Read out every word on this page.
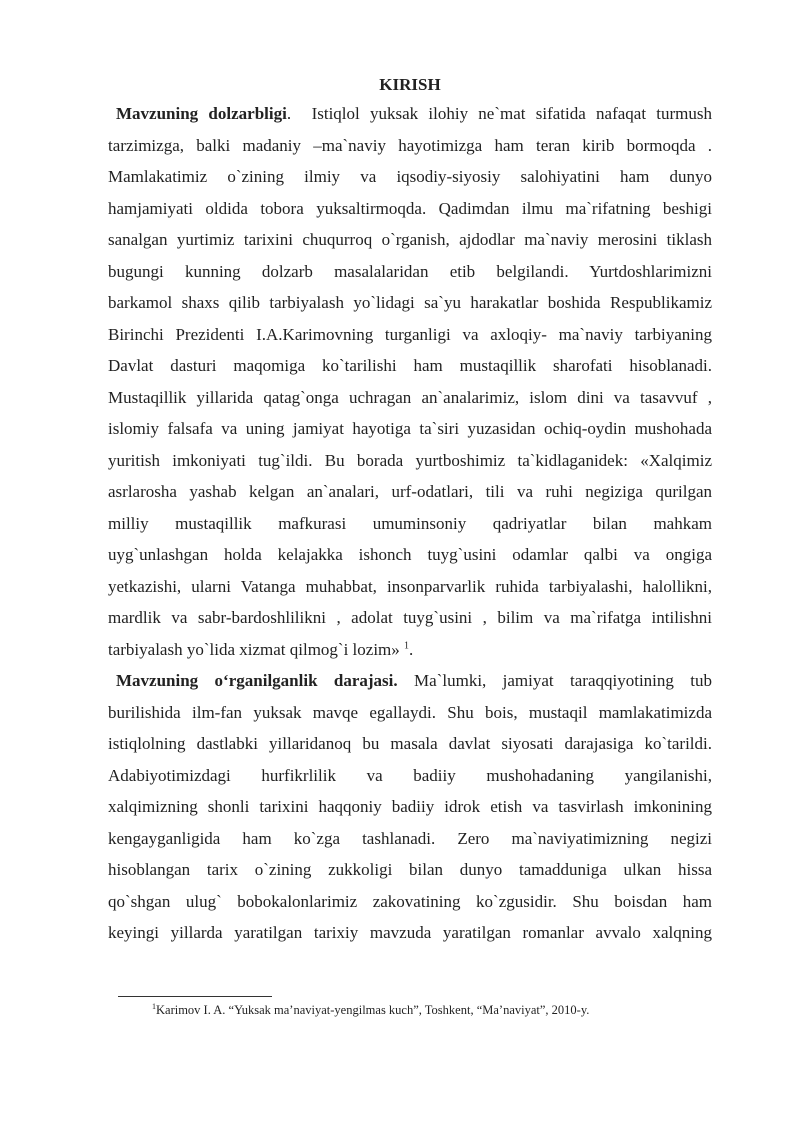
KIRISH
Mavzuning dolzarbligi. Istiqlol yuksak ilohiy ne`mat sifatida nafaqat turmush
tarzimizga, balki madaniy –ma`naviy hayotimizga ham teran kirib bormoqda .
Mamlakatimiz o`zining ilmiy va iqsodiy-siyosiy salohiyatini ham dunyo
hamjamiyati oldida tobora yuksaltirmoqda. Qadimdan ilmu ma`rifatning beshigi
sanalgan yurtimiz tarixini chuqurroq o`rganish, ajdodlar ma`naviy merosini tiklash
bugungi kunning dolzarb masalalaridan etib belgilandi. Yurtdoshlarimizni
barkamol shaxs qilib tarbiyalash yo`lidagi sa`yu harakatlar boshida Respublikamiz
Birinchi Prezidenti I.A.Karimovning turganligi va axloqiy- ma`naviy tarbiyaning
Davlat dasturi maqomiga ko`tarilishi ham mustaqillik sharofati hisoblanadi.
Mustaqillik yillarida qatag`onga uchragan an`analarimiz, islom dini va tasavvuf ,
islomiy falsafa va uning jamiyat hayotiga ta`siri yuzasidan ochiq-oydin mushohada
yuritish imkoniyati tug`ildi. Bu borada yurtboshimiz ta`kidlaganidek: «Xalqimiz
asrlarosha yashab kelgan an`analari, urf-odatlari, tili va ruhi negiziga qurilgan
milliy mustaqillik mafkurasi umuminsoniy qadriyatlar bilan mahkam
uyg`unlashgan holda kelajakka ishonch tuyg`usini odamlar qalbi va ongiga
yetkazishi, ularni Vatanga muhabbat, insonparvarlik ruhida tarbiyalashi, halollikni,
mardlik va sabr-bardoshlilikni , adolat tuyg`usini , bilim va ma`rifatga intilishni
tarbiyalash yo`lida xizmat qilmog`i lozim» $^1$.
Mavzuning o‘rganilganlik darajasi. Ma`lumki, jamiyat taraqqiyotining tub
burilishida ilm-fan yuksak mavqe egallaydi. Shu bois, mustaqil mamlakatimizda
istiqlolning dastlabki yillaridanoq bu masala davlat siyosati darajasiga ko`tarildi.
Adabiyotimizdagi hurfikrlilik va badiiy mushohadaning yangilanishi,
xalqimizning shonli tarixini haqqoniy badiiy idrok etish va tasvirlash imkonining
kengayganligida ham ko`zga tashlanadi. Zero ma`naviyatimizning negizi
hisoblangan tarix o`zining zukkoligi bilan dunyo tamadduniga ulkan hissa
qo`shgan ulug` bobokalonlarimiz zakovatining ko`zgusidir. Shu boisdan ham
keyingi yillarda yaratilgan tarixiy mavzuda yaratilgan romanlar avvalo xalqning
$^1$Karimov I. A. “Yuksak ma’naviyat-yengilmas kuch”, Toshkent, “Ma’naviyat”, 2010-y.
